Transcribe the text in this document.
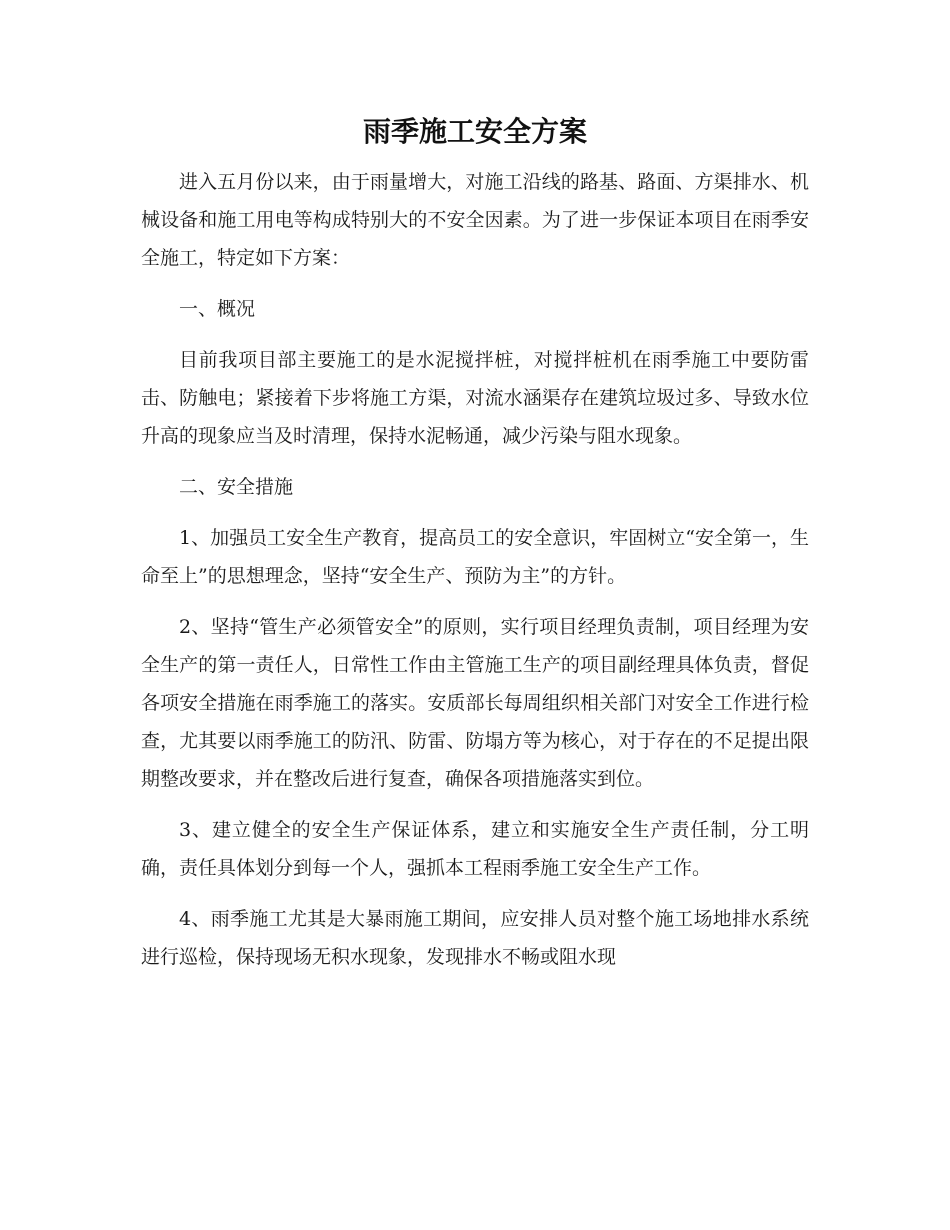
雨季施工安全方案

进入五月份以来，由于雨量增大，对施工沿线的路基、路面、方渠排水、机械设备和施工用电等构成特别大的不安全因素。为了进一步保证本项目在雨季安全施工，特定如下方案：

一、概况

目前我项目部主要施工的是水泥搅拌桩，对搅拌桩机在雨季施工中要防雷击、防触电；紧接着下步将施工方渠，对流水涵渠存在建筑垃圾过多、导致水位升高的现象应当及时清理，保持水泥畅通，减少污染与阻水现象。

二、安全措施

1、加强员工安全生产教育，提高员工的安全意识，牢固树立“安全第一，生命至上”的思想理念，坚持“安全生产、预防为主”的方针。

2、坚持“管生产必须管安全”的原则，实行项目经理负责制，项目经理为安全生产的第一责任人，日常性工作由主管施工生产的项目副经理具体负责，督促各项安全措施在雨季施工的落实。安质部长每周组织相关部门对安全工作进行检查，尤其要以雨季施工的防汛、防雷、防塌方等为核心，对于存在的不足提出限期整改要求，并在整改后进行复查，确保各项措施落实到位。

3、建立健全的安全生产保证体系，建立和实施安全生产责任制，分工明确，责任具体划分到每一个人，强抓本工程雨季施工安全生产工作。

4、雨季施工尤其是大暴雨施工期间，应安排人员对整个施工场地排水系统进行巡检，保持现场无积水现象，发现排水不畅或阻水现
